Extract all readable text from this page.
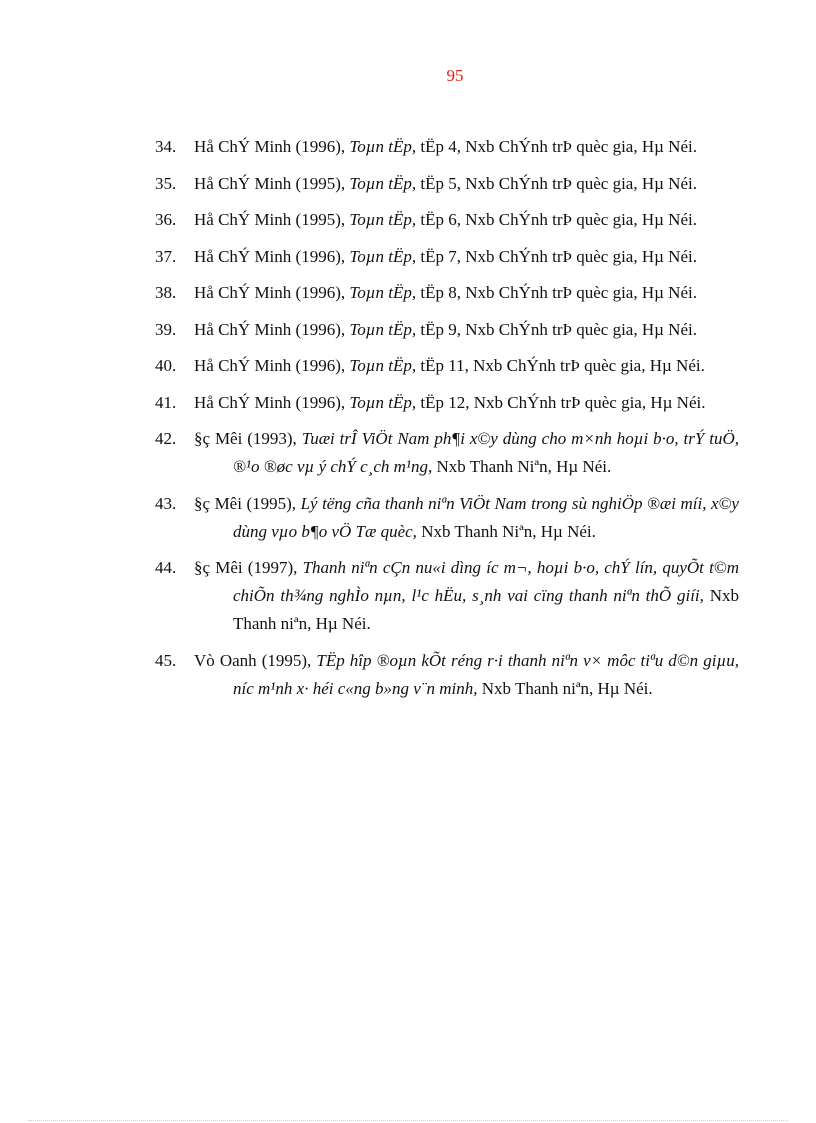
95
34. Hå ChÝ Minh (1996), Toµn tËp, tËp 4, Nxb ChÝnh trÞ quèc gia, Hµ Néi.
35. Hå ChÝ Minh (1995), Toµn tËp, tËp 5, Nxb ChÝnh trÞ quèc gia, Hµ Néi.
36. Hå ChÝ Minh (1995), Toµn tËp, tËp 6, Nxb ChÝnh trÞ quèc gia, Hµ Néi.
37. Hå ChÝ Minh (1996), Toµn tËp, tËp 7, Nxb ChÝnh trÞ quèc gia, Hµ Néi.
38. Hå ChÝ Minh (1996), Toµn tËp, tËp 8, Nxb ChÝnh trÞ quèc gia, Hµ Néi.
39. Hå ChÝ Minh (1996), Toµn tËp, tËp 9, Nxb ChÝnh trÞ quèc gia, Hµ Néi.
40. Hå ChÝ Minh (1996), Toµn tËp, tËp 11, Nxb ChÝnh trÞ quèc gia, Hµ Néi.
41. Hå ChÝ Minh (1996), Toµn tËp, tËp 12, Nxb ChÝnh trÞ quèc gia, Hµ Néi.
42. §ç Mêi (1993), Tuæi trÎ ViÖt Nam ph¶i x©y dùng cho m×nh hoµi b·o, trÝ tuÖ, ®¹o ®øc vµ ý chÝ c¸ch m¹ng, Nxb Thanh Niªn, Hµ Néi.
43. §ç Mêi (1995), Lý tëng cña thanh niªn ViÖt Nam trong sù nghiÖp ®æi míi, x©y dùng vµo b¶o vÖ Tæ quèc, Nxb Thanh Niªn, Hµ Néi.
44. §ç Mêi (1997), Thanh niªn cÇn nu«i dìng íc m¬, hoµi b·o, chÝ lín, quyÕt t©m chiÕn th¾ng nghÌo nµn, l¹c hËu, s¸nh vai cïng thanh niªn thÕ giíi, Nxb Thanh niªn, Hµ Néi.
45. Vò Oanh (1995), TËp hîp ®oµn kÕt réng r·i thanh niªn v× môc tiªu d©n giµu, níc m¹nh x· héi c«ng b»ng v¨n minh, Nxb Thanh niªn, Hµ Néi.
